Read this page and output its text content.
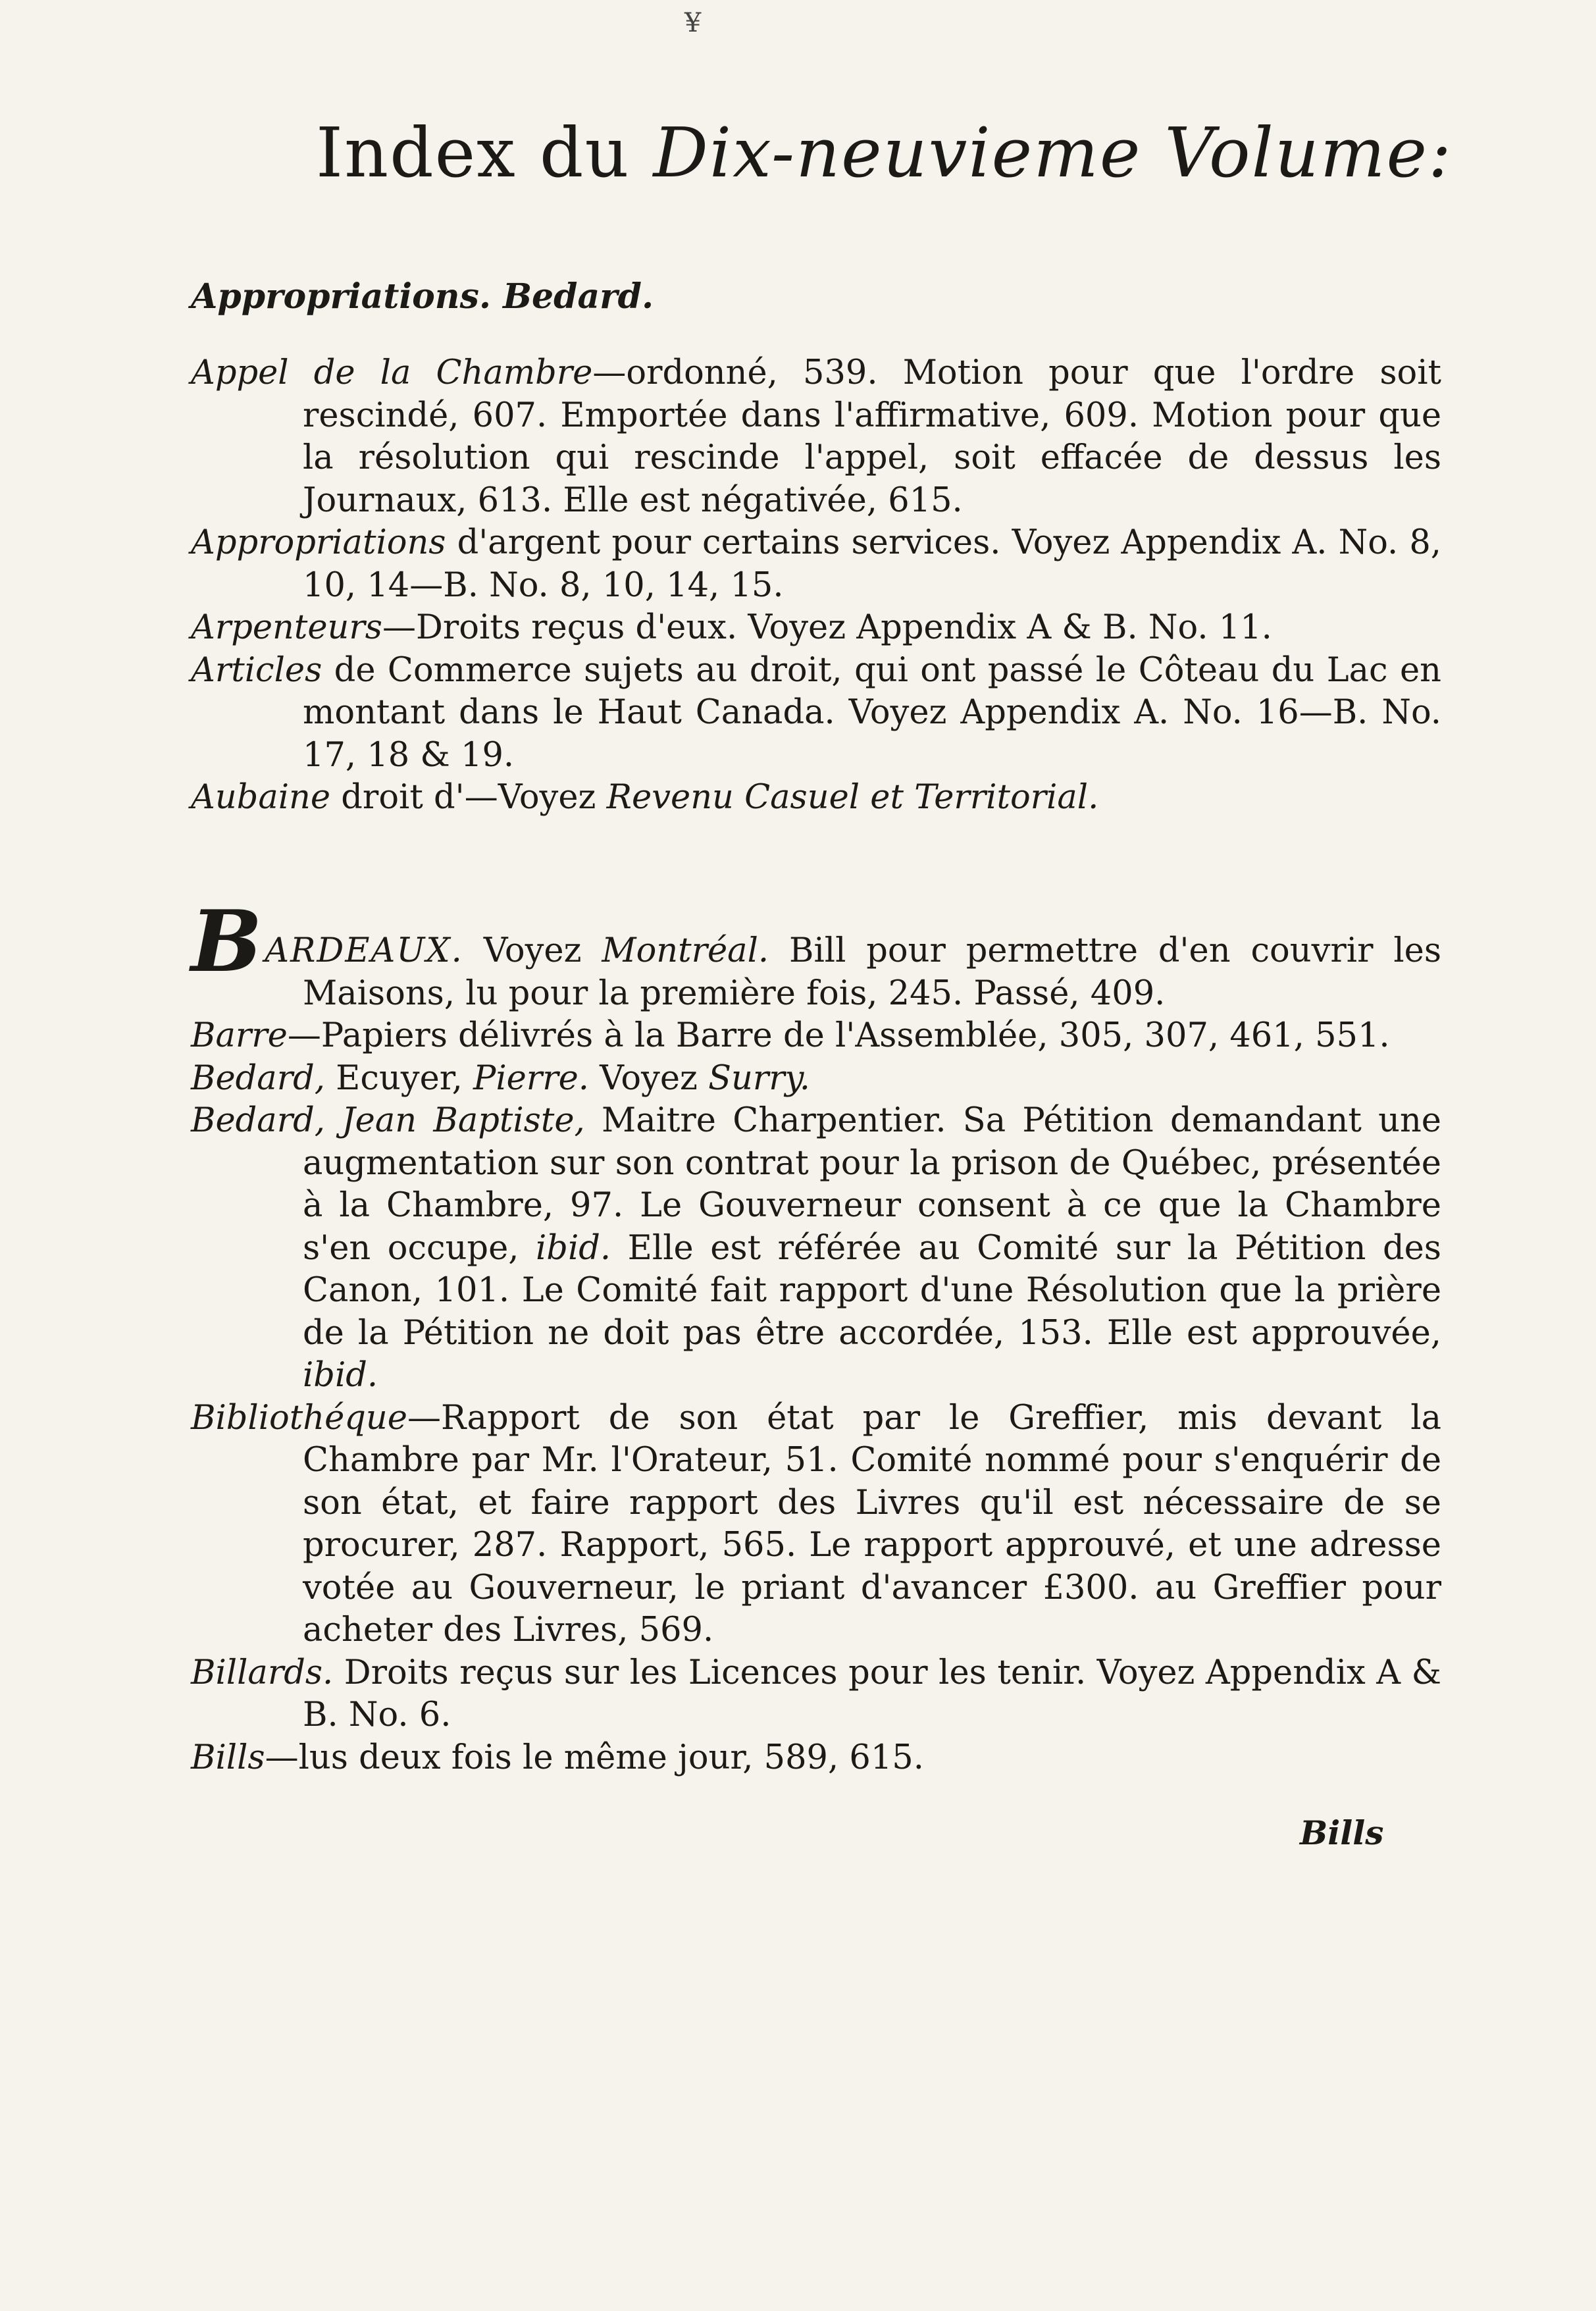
¥
Index du Dix-neuvieme Volume:
Appropriations. Bedard.

Appel de la Chambre—ordonné, 539. Motion pour que l'ordre soit rescindé, 607. Emportée dans l'affirmative, 609. Motion pour que la résolution qui rescinde l'appel, soit effacée de dessus les Journaux, 613. Elle est négativée, 615.

Appropriations d'argent pour certains services. Voyez Appendix A. No. 8, 10, 14—B. No. 8, 10, 14, 15.

Arpenteurs—Droits reçus d'eux. Voyez Appendix A & B. No. 11.

Articles de Commerce sujets au droit, qui ont passé le Côteau du Lac en montant dans le Haut Canada. Voyez Appendix A. No. 16—B. No. 17, 18 & 19.

Aubaine droit d'—Voyez Revenu Casuel et Territorial.

BARDEAUX. Voyez Montréal. Bill pour permettre d'en couvrir les Maisons, lu pour la première fois, 245. Passé, 409.

Barre—Papiers délivrés à la Barre de l'Assemblée, 305, 307, 461, 551.

Bedard, Ecuyer, Pierre. Voyez Surry.

Bedard, Jean Baptiste, Maitre Charpentier. Sa Pétition demandant une augmentation sur son contrat pour la prison de Québec, présentée à la Chambre, 97. Le Gouverneur consent à ce que la Chambre s'en occupe, ibid. Elle est référée au Comité sur la Pétition des Canon, 101. Le Comité fait rapport d'une Résolution que la prière de la Pétition ne doit pas être accordée, 153. Elle est approuvée, ibid.

Bibliothéque—Rapport de son état par le Greffier, mis devant la Chambre par Mr. l'Orateur, 51. Comité nommé pour s'enquérir de son état, et faire rapport des Livres qu'il est nécessaire de se procurer, 287. Rapport, 565. Le rapport approuvé, et une adresse votée au Gouverneur, le priant d'avancer £300. au Greffier pour acheter des Livres, 569.

Billards. Droits reçus sur les Licences pour les tenir. Voyez Appendix A & B. No. 6.

Bills—lus deux fois le même jour, 589, 615.

Bills
